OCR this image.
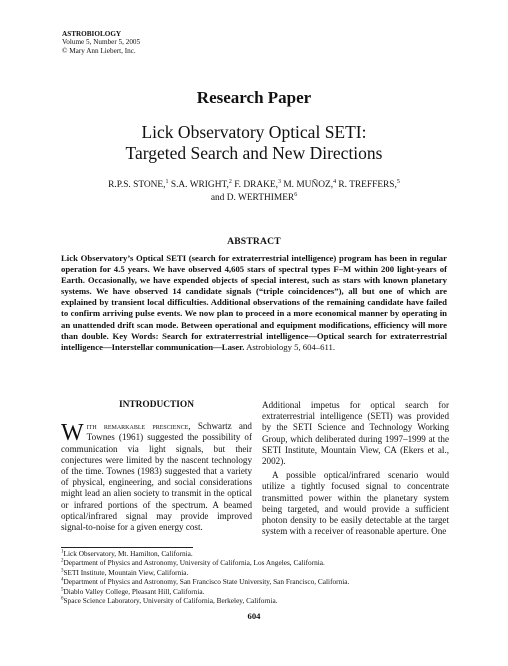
ASTROBIOLOGY
Volume 5, Number 5, 2005
© Mary Ann Liebert, Inc.
Research Paper
Lick Observatory Optical SETI:
Targeted Search and New Directions
R.P.S. STONE,$^1$ S.A. WRIGHT,$^2$ F. DRAKE,$^3$ M. MUÑOZ,$^4$ R. TREFFERS,$^5$
and D. WERTHIMER$^6$
ABSTRACT
Lick Observatory’s Optical SETI (search for extraterrestrial intelligence) program has been in regular operation for 4.5 years. We have observed 4,605 stars of spectral types F–M within 200 light-years of Earth. Occasionally, we have expended objects of special interest, such as stars with known planetary systems. We have observed 14 candidate signals (“triple coincidences”), all but one of which are explained by transient local difficulties. Additional observations of the remaining candidate have failed to confirm arriving pulse events. We now plan to proceed in a more economical manner by operating in an unattended drift scan mode. Between operational and equipment modifications, efficiency will more than double. Key Words: Search for extraterrestrial intelligence—Optical search for extraterrestrial intelligence—Interstellar communication—Laser. Astrobiology 5, 604–611.
INTRODUCTION

With remarkable prescience, Schwartz and Townes (1961) suggested the possibility of communication via light signals, but their conjectures were limited by the nascent technology of the time. Townes (1983) suggested that a variety of physical, engineering, and social considerations might lead an alien society to transmit in the optical or infrared portions of the spectrum. A beamed optical/infrared signal may provide improved signal-to-noise for a given energy cost.

Additional impetus for optical search for extraterrestrial intelligence (SETI) was provided by the SETI Science and Technology Working Group, which deliberated during 1997–1999 at the SETI Institute, Mountain View, CA (Ekers et al., 2002).

A possible optical/infrared scenario would utilize a tightly focused signal to concentrate transmitted power within the planetary system being targeted, and would provide a sufficient photon density to be easily detectable at the target system with a receiver of reasonable aperture. One

$^1$Lick Observatory, Mt. Hamilton, California.
$^2$Department of Physics and Astronomy, University of California, Los Angeles, California.
$^3$SETI Institute, Mountain View, California.
$^4$Department of Physics and Astronomy, San Francisco State University, San Francisco, California.
$^5$Diablo Valley College, Pleasant Hill, California.
$^6$Space Science Laboratory, University of California, Berkeley, California.
604
